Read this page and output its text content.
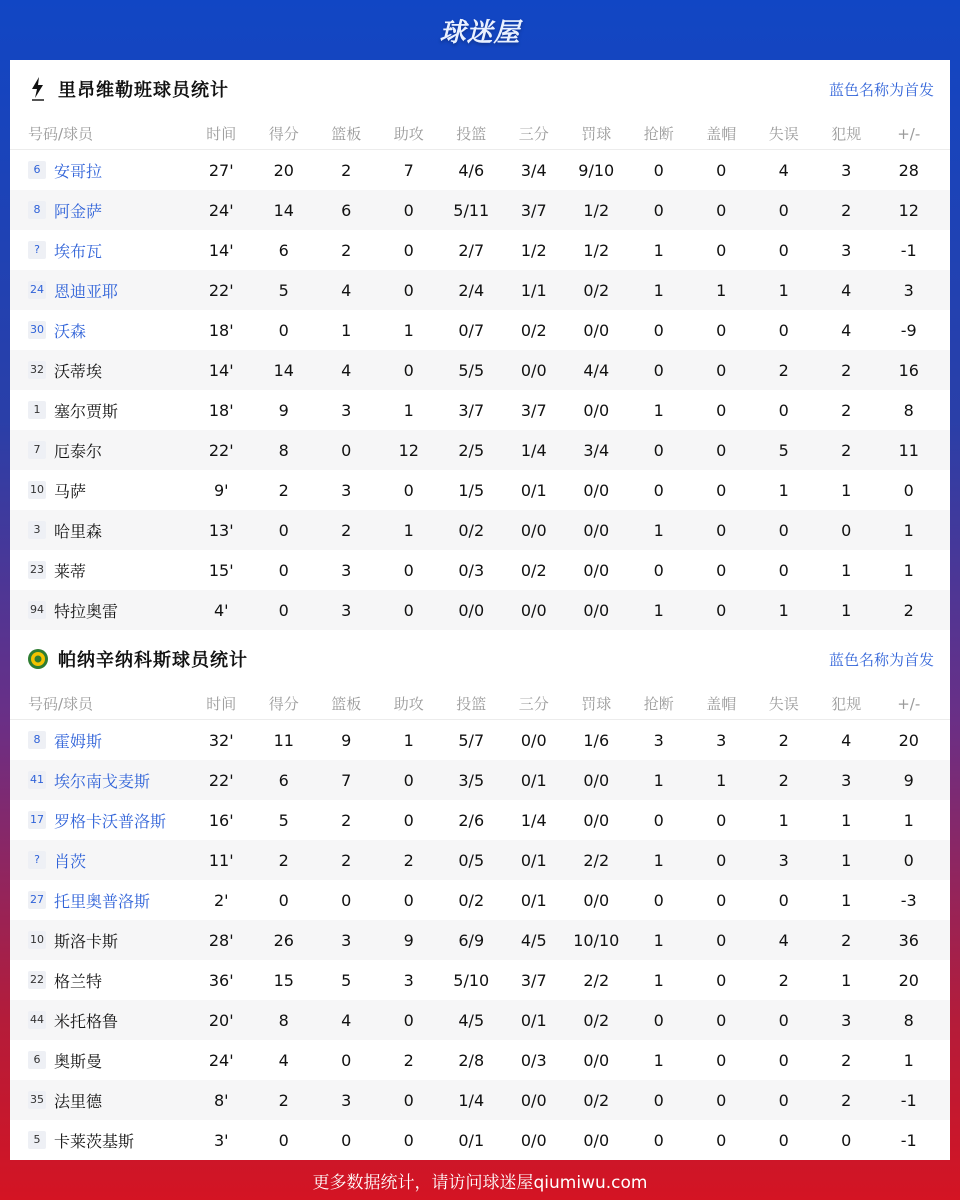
球迷屋
里昂维勒班球员统计	蓝色名称为首发
号码/球员	时间	得分	篮板	助攻	投篮	三分	罚球	抢断	盖帽	失误	犯规	+/-
6 安哥拉	27'	20	2	7	4/6	3/4	9/10	0	0	4	3	28
8 阿金萨	24'	14	6	0	5/11	3/7	1/2	0	0	0	2	12
? 埃布瓦	14'	6	2	0	2/7	1/2	1/2	1	0	0	3	-1
24 恩迪亚耶	22'	5	4	0	2/4	1/1	0/2	1	1	1	4	3
30 沃森	18'	0	1	1	0/7	0/2	0/0	0	0	0	4	-9
32 沃蒂埃	14'	14	4	0	5/5	0/0	4/4	0	0	2	2	16
1 塞尔贾斯	18'	9	3	1	3/7	3/7	0/0	1	0	0	2	8
7 厄泰尔	22'	8	0	12	2/5	1/4	3/4	0	0	5	2	11
10 马萨	9'	2	3	0	1/5	0/1	0/0	0	0	1	1	0
3 哈里森	13'	0	2	1	0/2	0/0	0/0	1	0	0	0	1
23 莱蒂	15'	0	3	0	0/3	0/2	0/0	0	0	0	1	1
94 特拉奥雷	4'	0	3	0	0/0	0/0	0/0	1	0	1	1	2
帕纳辛纳科斯球员统计	蓝色名称为首发
号码/球员	时间	得分	篮板	助攻	投篮	三分	罚球	抢断	盖帽	失误	犯规	+/-
8 霍姆斯	32'	11	9	1	5/7	0/0	1/6	3	3	2	4	20
41 埃尔南戈麦斯	22'	6	7	0	3/5	0/1	0/0	1	1	2	3	9
17 罗格卡沃普洛斯	16'	5	2	0	2/6	1/4	0/0	0	0	1	1	1
? 肖茨	11'	2	2	2	0/5	0/1	2/2	1	0	3	1	0
27 托里奥普洛斯	2'	0	0	0	0/2	0/1	0/0	0	0	0	1	-3
10 斯洛卡斯	28'	26	3	9	6/9	4/5	10/10	1	0	4	2	36
22 格兰特	36'	15	5	3	5/10	3/7	2/2	1	0	2	1	20
44 米托格鲁	20'	8	4	0	4/5	0/1	0/2	0	0	0	3	8
6 奥斯曼	24'	4	0	2	2/8	0/3	0/0	1	0	0	2	1
35 法里德	8'	2	3	0	1/4	0/0	0/2	0	0	0	2	-1
5 卡莱茨基斯	3'	0	0	0	0/1	0/0	0/0	0	0	0	0	-1
更多数据统计，请访问球迷屋qiumiwu.com
